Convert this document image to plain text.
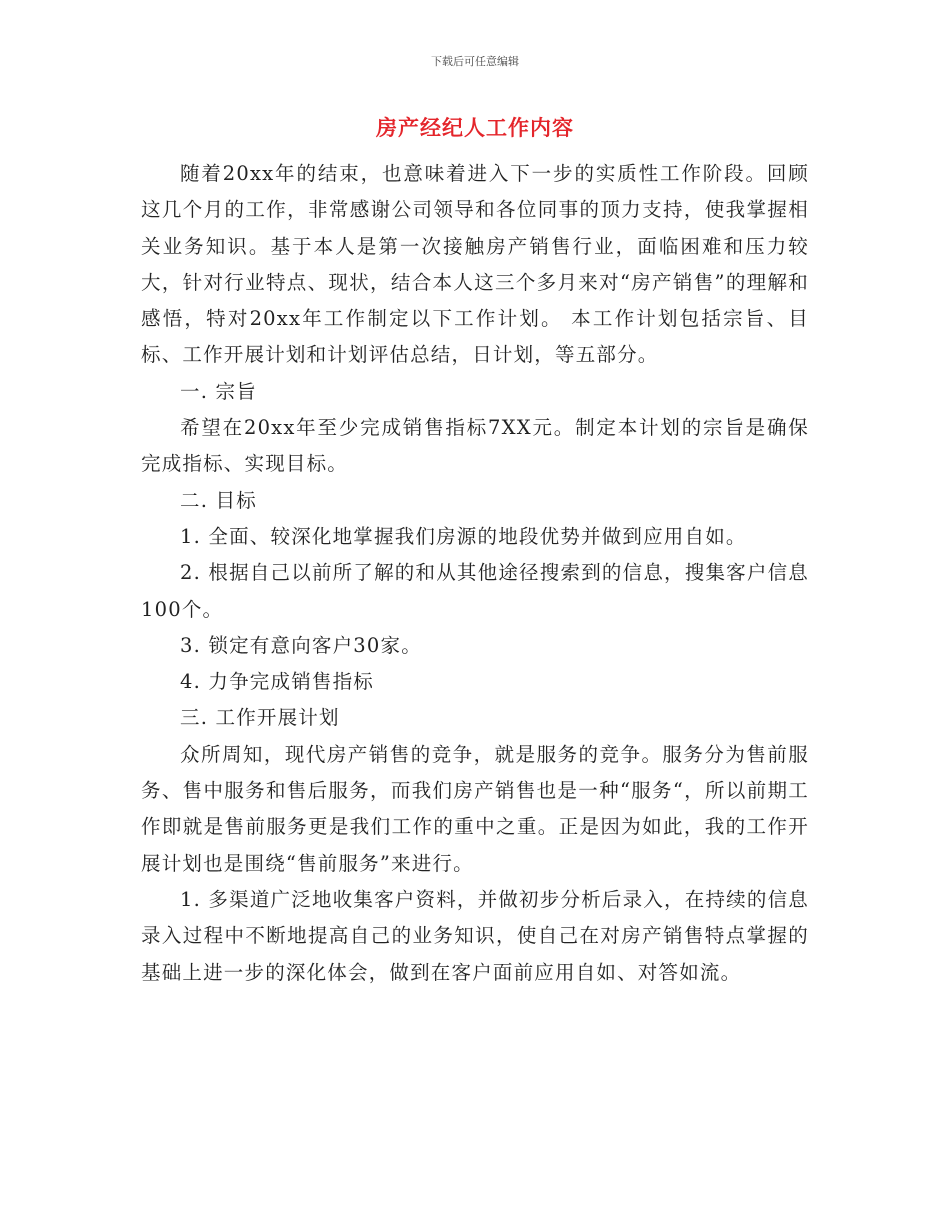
下载后可任意编辑
房产经纪人工作内容

随着20xx年的结束，也意味着进入下一步的实质性工作阶段。回顾这几个月的工作，非常感谢公司领导和各位同事的顶力支持，使我掌握相关业务知识。基于本人是第一次接触房产销售行业，面临困难和压力较大，针对行业特点、现状，结合本人这三个多月来对“房产销售”的理解和感悟，特对20xx年工作制定以下工作计划。 本工作计划包括宗旨、目标、工作开展计划和计划评估总结，日计划，等五部分。

一. 宗旨

希望在20xx年至少完成销售指标7XX元。制定本计划的宗旨是确保完成指标、实现目标。

二. 目标

1. 全面、较深化地掌握我们房源的地段优势并做到应用自如。

2. 根据自己以前所了解的和从其他途径搜索到的信息，搜集客户信息100个。

3. 锁定有意向客户30家。

4. 力争完成销售指标

三. 工作开展计划

众所周知，现代房产销售的竞争，就是服务的竞争。服务分为售前服务、售中服务和售后服务，而我们房产销售也是一种“服务“，所以前期工作即就是售前服务更是我们工作的重中之重。正是因为如此，我的工作开展计划也是围绕“售前服务”来进行。

1. 多渠道广泛地收集客户资料，并做初步分析后录入，在持续的信息录入过程中不断地提高自己的业务知识，使自己在对房产销售特点掌握的基础上进一步的深化体会，做到在客户面前应用自如、对答如流。
